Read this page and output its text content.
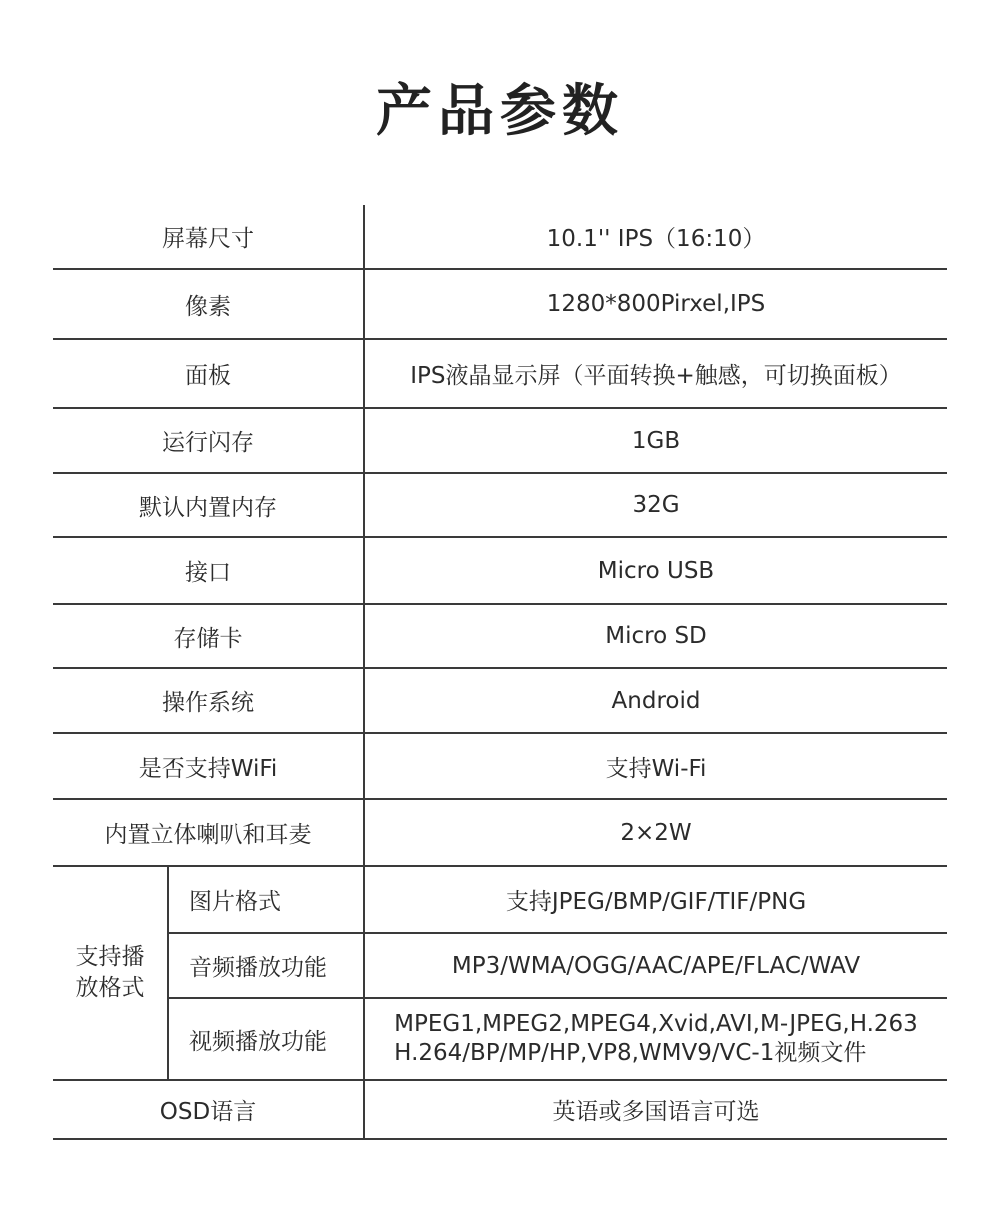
产品参数
屏幕尺寸		10.1'' IPS（16:10）
像素		1280*800Pirxel,IPS
面板		IPS液晶显示屏（平面转换+触感，可切换面板）
运行闪存		1GB
默认内置内存		32G
接口		Micro USB
存储卡		Micro SD
操作系统		Android
是否支持WiFi		支持Wi-Fi
内置立体喇叭和耳麦		2×2W

支持播
放格式	图片格式	支持JPEG/BMP/GIF/TIF/PNG
	音频播放功能	MP3/WMA/OGG/AAC/APE/FLAC/WAV
	视频播放功能	MPEG1,MPEG2,MPEG4,Xvid,AVI,M-JPEG,H.263
H.264/BP/MP/HP,VP8,WMV9/VC-1视频文件

OSD语言		英语或多国语言可选
